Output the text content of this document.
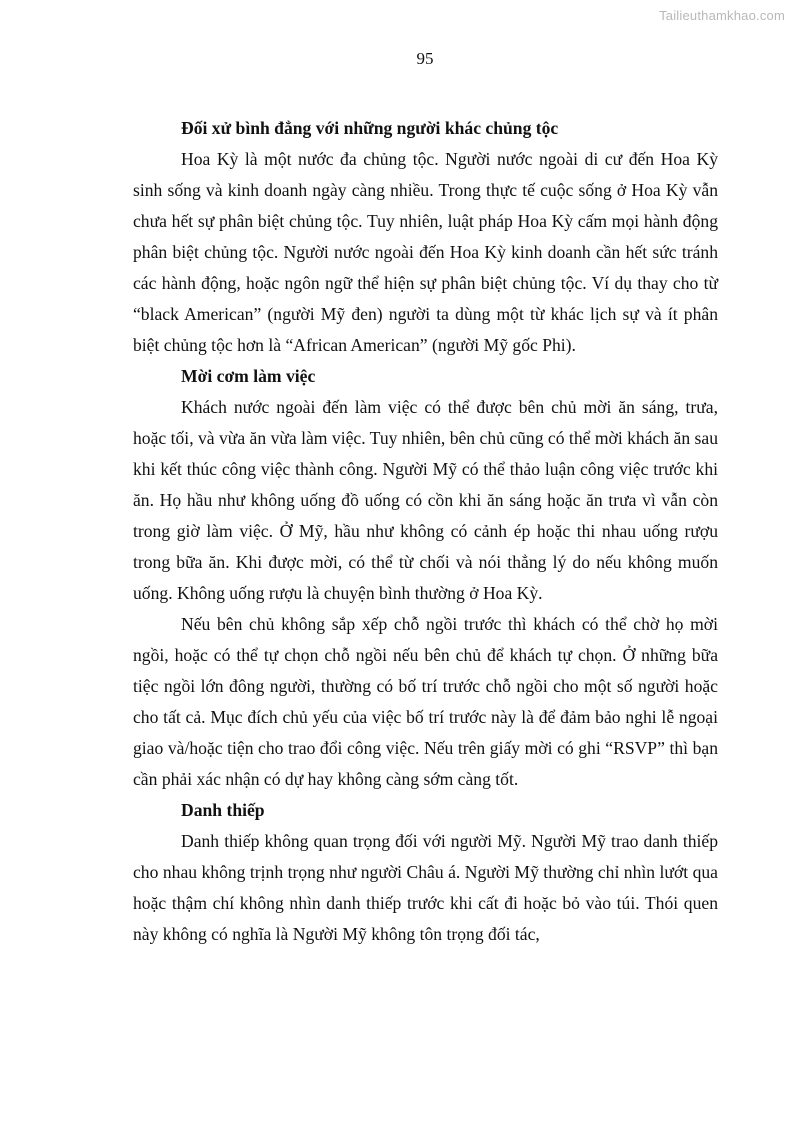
Tailieuthamkhao.com
95
Đối xử bình đẳng với những người khác chủng tộc

Hoa Kỳ là một nước đa chủng tộc. Người nước ngoài di cư đến Hoa Kỳ sinh sống và kinh doanh ngày càng nhiều. Trong thực tế cuộc sống ở Hoa Kỳ vẫn chưa hết sự phân biệt chủng tộc. Tuy nhiên, luật pháp Hoa Kỳ cấm mọi hành động phân biệt chủng tộc. Người nước ngoài đến Hoa Kỳ kinh doanh cần hết sức tránh các hành động, hoặc ngôn ngữ thể hiện sự phân biệt chủng tộc. Ví dụ thay cho từ “black American” (người Mỹ đen) người ta dùng một từ khác lịch sự và ít phân biệt chủng tộc hơn là “African American” (người Mỹ gốc Phi).

Mời cơm làm việc

Khách nước ngoài đến làm việc có thể được bên chủ mời ăn sáng, trưa, hoặc tối, và vừa ăn vừa làm việc. Tuy nhiên, bên chủ cũng có thể mời khách ăn sau khi kết thúc công việc thành công. Người Mỹ có thể thảo luận công việc trước khi ăn. Họ hầu như không uống đồ uống có cồn khi ăn sáng hoặc ăn trưa vì vẫn còn trong giờ làm việc. Ở Mỹ, hầu như không có cảnh ép hoặc thi nhau uống rượu trong bữa ăn. Khi được mời, có thể từ chối và nói thẳng lý do nếu không muốn uống. Không uống rượu là chuyện bình thường ở Hoa Kỳ.

Nếu bên chủ không sắp xếp chỗ ngồi trước thì khách có thể chờ họ mời ngồi, hoặc có thể tự chọn chỗ ngồi nếu bên chủ để khách tự chọn. Ở những bữa tiệc ngồi lớn đông người, thường có bố trí trước chỗ ngồi cho một số người hoặc cho tất cả. Mục đích chủ yếu của việc bố trí trước này là để đảm bảo nghi lễ ngoại giao và/hoặc tiện cho trao đổi công việc. Nếu trên giấy mời có ghi “RSVP” thì bạn cần phải xác nhận có dự hay không càng sớm càng tốt.

Danh thiếp

Danh thiếp không quan trọng đối với người Mỹ. Người Mỹ trao danh thiếp cho nhau không trịnh trọng như người Châu á. Người Mỹ thường chỉ nhìn lướt qua hoặc thậm chí không nhìn danh thiếp trước khi cất đi hoặc bỏ vào túi. Thói quen này không có nghĩa là Người Mỹ không tôn trọng đối tác,
